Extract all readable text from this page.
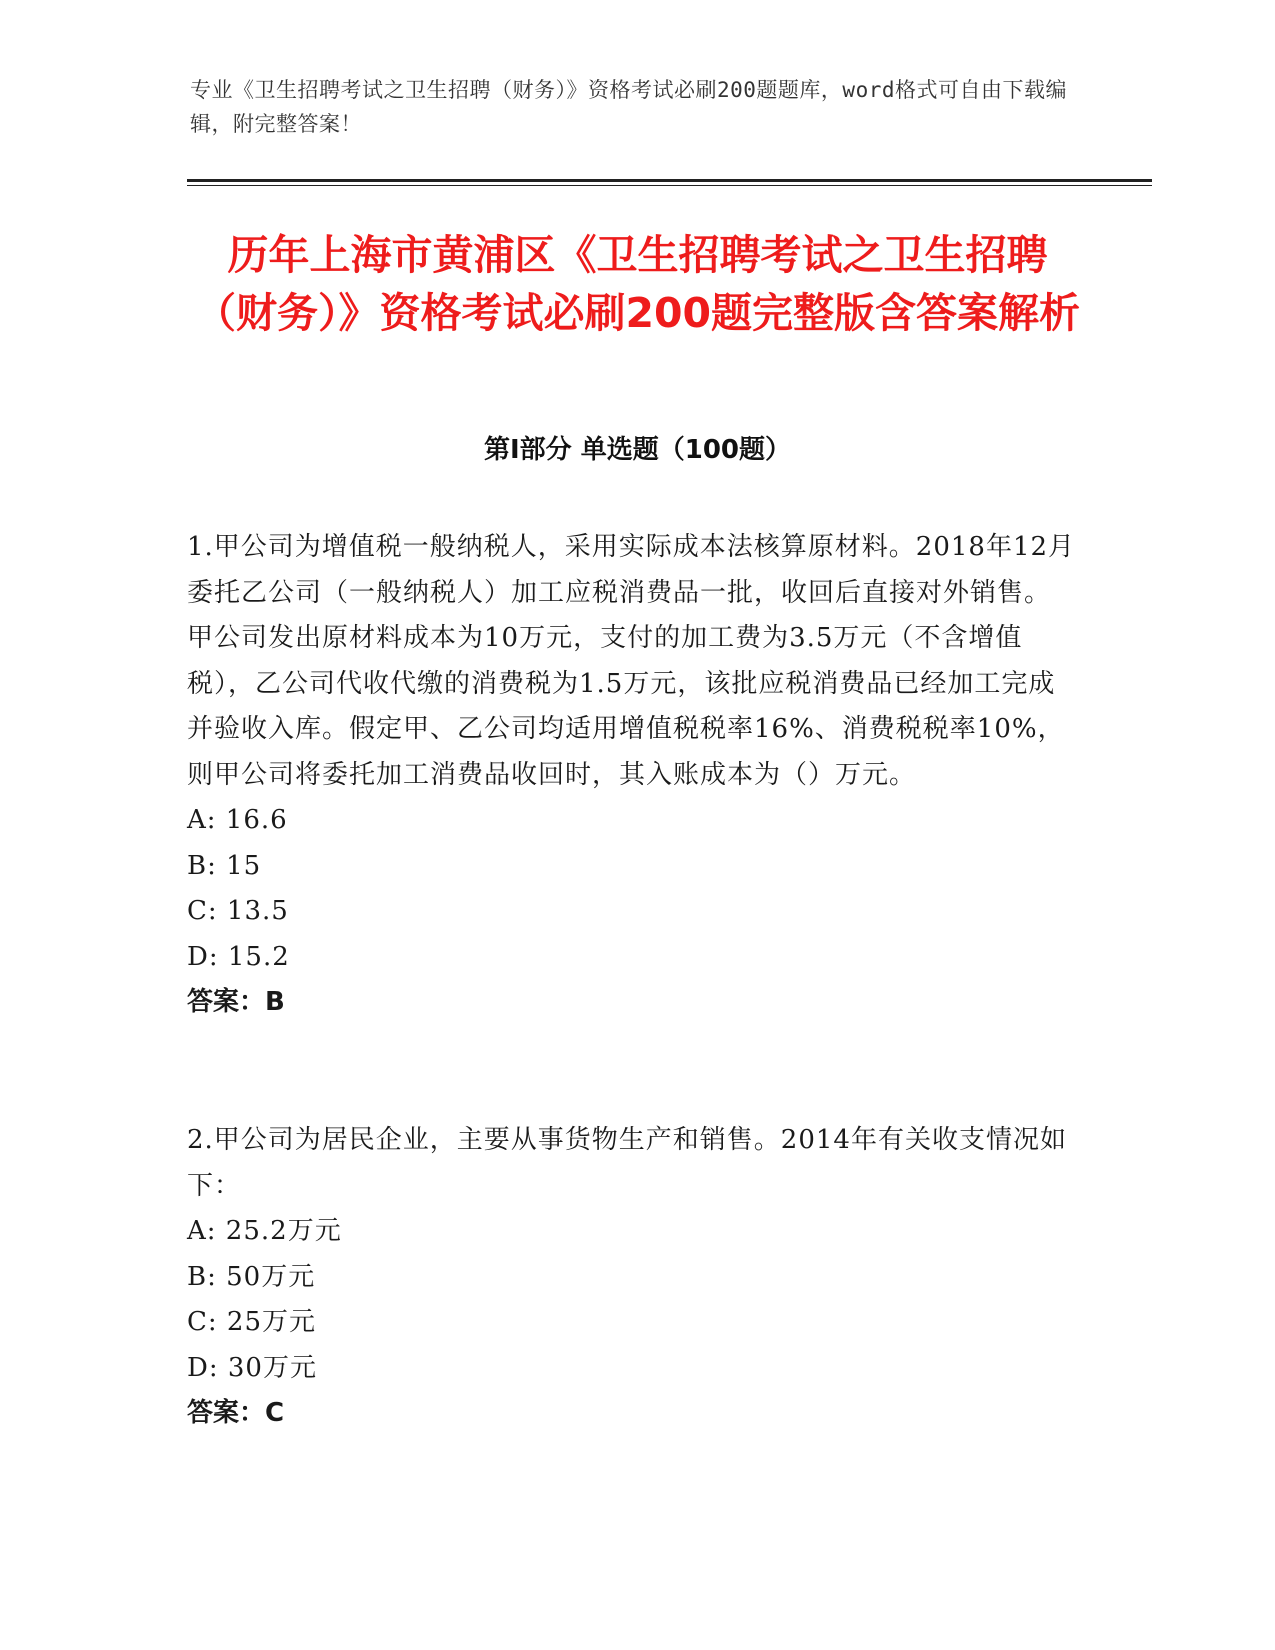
专业《卫生招聘考试之卫生招聘（财务）》资格考试必刷200题题库，word格式可自由下载编辑，附完整答案！
历年上海市黄浦区《卫生招聘考试之卫生招聘（财务）》资格考试必刷200题完整版含答案解析
第I部分 单选题（100题）

1.甲公司为增值税一般纳税人，采用实际成本法核算原材料。2018年12月委托乙公司（一般纳税人）加工应税消费品一批，收回后直接对外销售。甲公司发出原材料成本为10万元，支付的加工费为3.5万元（不含增值税），乙公司代收代缴的消费税为1.5万元，该批应税消费品已经加工完成并验收入库。假定甲、乙公司均适用增值税税率16%、消费税税率10%，则甲公司将委托加工消费品收回时，其入账成本为（）万元。

A: 16.6

B: 15

C: 13.5

D: 15.2

答案：B

2.甲公司为居民企业，主要从事货物生产和销售。2014年有关收支情况如下：

A: 25.2万元

B: 50万元

C: 25万元

D: 30万元

答案：C
